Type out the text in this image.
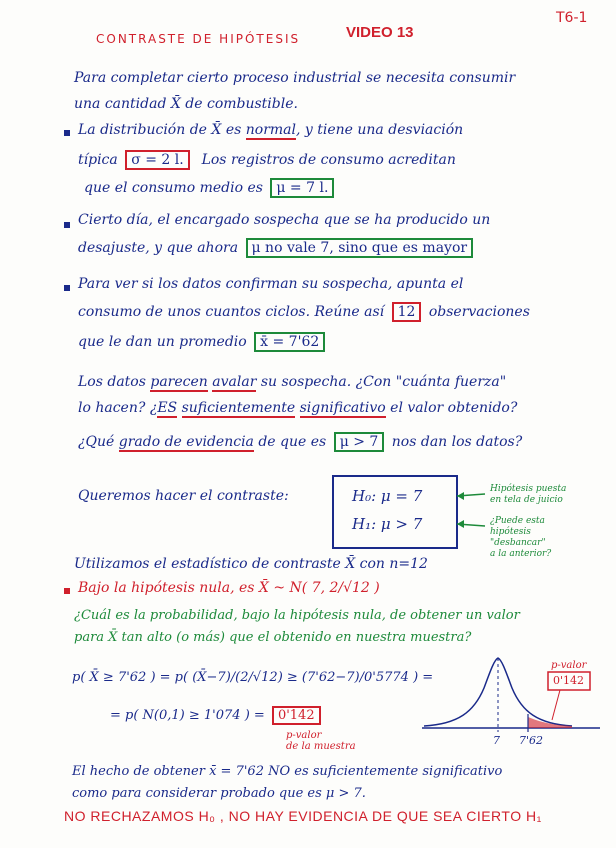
CONTRASTE DE HIPÓTESIS	VIDEO 13
T6-1
Para completar cierto proceso industrial se necesita consumir
una cantidad X̄ de combustible.
La distribución de X̄ es normal, y tiene una desviación
típica σ = 2 l. Los registros de consumo acreditan
que el consumo medio es μ = 7 l.
Cierto día, el encargado sospecha que se ha producido un
desajuste, y que ahora μ no vale 7, sino que es mayor
Para ver si los datos confirman su sospecha, apunta el
consumo de unos cuantos ciclos. Reúne así 12 observaciones
que le dan un promedio x̄ = 7'62
Los datos parecen avalar su sospecha. ¿Con "cuánta fuerza"
lo hacen? ¿ES suficientemente significativo el valor obtenido?
¿Qué grado de evidencia de que es μ > 7 nos dan los datos?
Queremos hacer el contraste:	H₀: μ = 7
H₁: μ > 7
Hipótesis puesta
en tela de juicio
¿Puede esta
hipótesis
"desbancar"
a la anterior?
Utilizamos el estadístico de contraste X̄ con n=12
Bajo la hipótesis nula, es X̄ ~ N( 7, 2/√12 )
¿Cuál es la probabilidad, bajo la hipótesis nula, de obtener un valor
para X̄ tan alto (o más) que el obtenido en nuestra muestra?
p( X̄ ≥ 7'62 ) = p( (X̄−7)/(2/√12) ≥ (7'62−7)/0'5774 ) =
= p( N(0,1) ≥ 1'074 ) = 0'142
p-valor
de la muestra
p-valor
0'142
7 7'62
El hecho de obtener x̄ = 7'62 NO es suficientemente significativo
como para considerar probado que es μ > 7.
NO RECHAZAMOS H₀ , NO HAY EVIDENCIA DE QUE SEA CIERTO H₁
